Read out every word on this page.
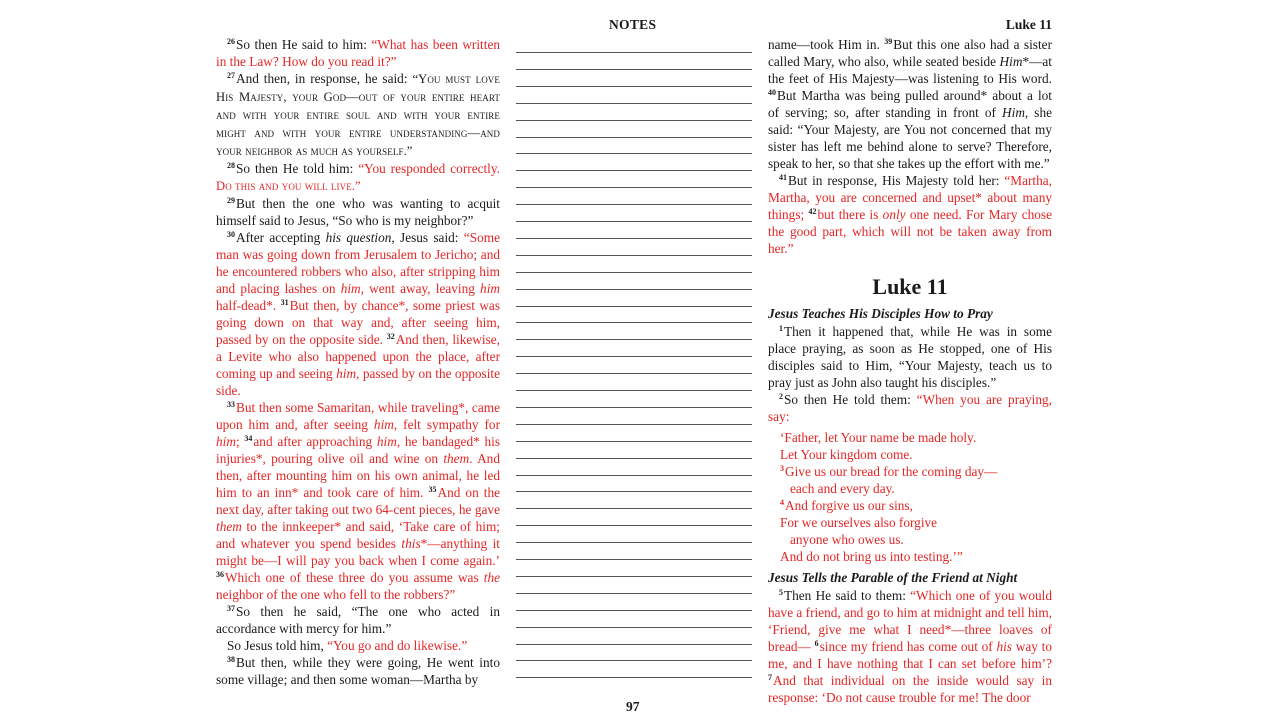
NOTES	Luke 11

$^{26}$So then He said to him: “What has been written in the Law? How do you read it?”

$^{27}$And then, in response, he said: “You must love His Majesty, your God—out of your entire heart and with your entire soul and with your entire might and with your entire understanding—and your neighbor as much as yourself.”

$^{28}$So then He told him: “You responded correctly. Do this and you will live.”

$^{29}$But then the one who was wanting to acquit himself said to Jesus, “So who is my neighbor?”

$^{30}$After accepting his question, Jesus said: “Some man was going down from Jerusalem to Jericho; and he encountered robbers who also, after stripping him and placing lashes on him, went away, leaving him half-dead*. $^{31}$But then, by chance*, some priest was going down on that way and, after seeing him, passed by on the opposite side. $^{32}$And then, likewise, a Levite who also happened upon the place, after coming up and seeing him, passed by on the opposite side.

$^{33}$But then some Samaritan, while traveling*, came upon him and, after seeing him, felt sympathy for him; $^{34}$and after approaching him, he bandaged* his injuries*, pouring olive oil and wine on them. And then, after mounting him on his own animal, he led him to an inn* and took care of him. $^{35}$And on the next day, after taking out two 64-cent pieces, he gave them to the innkeeper* and said, ‘Take care of him; and whatever you spend besides this*—anything it might be—I will pay you back when I come again.’ $^{36}$Which one of these three do you assume was the neighbor of the one who fell to the robbers?”

$^{37}$So then he said, “The one who acted in accordance with mercy for him.”

So Jesus told him, “You go and do likewise.”

$^{38}$But then, while they were going, He went into some village; and then some woman—Martha by

name—took Him in. $^{39}$But this one also had a sister called Mary, who also, while seated beside Him*—at the feet of His Majesty—was listening to His word. $^{40}$But Martha was being pulled around* about a lot of serving; so, after standing in front of Him, she said: “Your Majesty, are You not concerned that my sister has left me behind alone to serve? Therefore, speak to her, so that she takes up the effort with me.”

$^{41}$But in response, His Majesty told her: “Martha, Martha, you are concerned and upset* about many things; $^{42}$but there is only one need. For Mary chose the good part, which will not be taken away from her.”

Luke 11
Jesus Teaches His Disciples How to Pray

$^1$Then it happened that, while He was in some place praying, as soon as He stopped, one of His disciples said to Him, “Your Majesty, teach us to pray just as John also taught his disciples.”

$^2$So then He told them: “When you are praying, say:

‘Father, let Your name be made holy.
Let Your kingdom come.
$^3$Give us our bread for the coming day—
each and every day.
$^4$And forgive us our sins,
For we ourselves also forgive
anyone who owes us.
And do not bring us into testing.’”
Jesus Tells the Parable of the Friend at Night

$^5$Then He said to them: “Which one of you would have a friend, and go to him at midnight and tell him, ‘Friend, give me what I need*—three loaves of bread— $^6$since my friend has come out of his way to me, and I have nothing that I can set before him’? $^7$And that individual on the inside would say in response: ‘Do not cause trouble for me! The door

97
